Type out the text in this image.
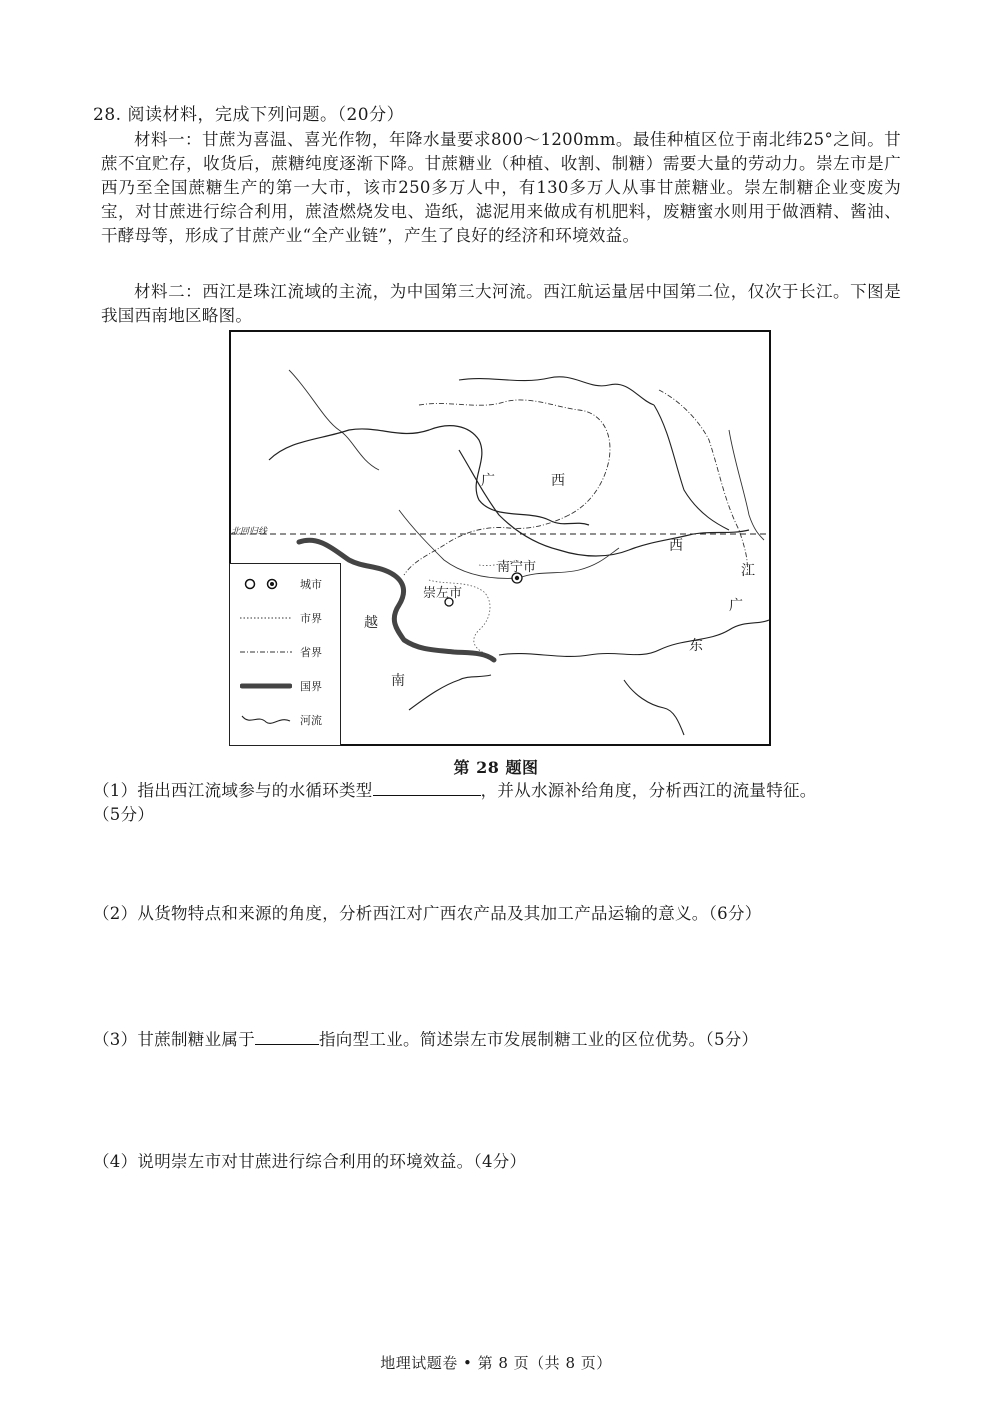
28. 阅读材料，完成下列问题。（20分）

材料一：甘蔗为喜温、喜光作物，年降水量要求800～1200mm。最佳种植区位于南北纬25°之间。甘蔗不宜贮存，收货后，蔗糖纯度逐渐下降。甘蔗糖业（种植、收割、制糖）需要大量的劳动力。崇左市是广西乃至全国蔗糖生产的第一大市，该市250多万人中，有130多万人从事甘蔗糖业。崇左制糖企业变废为宝，对甘蔗进行综合利用，蔗渣燃烧发电、造纸，滤泥用来做成有机肥料，废糖蜜水则用于做酒精、酱油、干酵母等，形成了甘蔗产业“全产业链”，产生了良好的经济和环境效益。

材料二：西江是珠江流域的主流，为中国第三大河流。西江航运量居中国第二位，仅次于长江。下图是我国西南地区略图。

北回归线
广	西
西
江
广
东
越
南
南宁市
崇左市
城市
市界
省界
国界
河流
第 28 题图
（1）指出西江流域参与的水循环类型	，并从水源补给角度，分析西江的流量特征。
（5分）
（2）从货物特点和来源的角度，分析西江对广西农产品及其加工产品运输的意义。（6分）
（3）甘蔗制糖业属于	指向型工业。简述崇左市发展制糖工业的区位优势。（5分）
（4）说明崇左市对甘蔗进行综合利用的环境效益。（4分）
地理试题卷 • 第 8 页（共 8 页）
